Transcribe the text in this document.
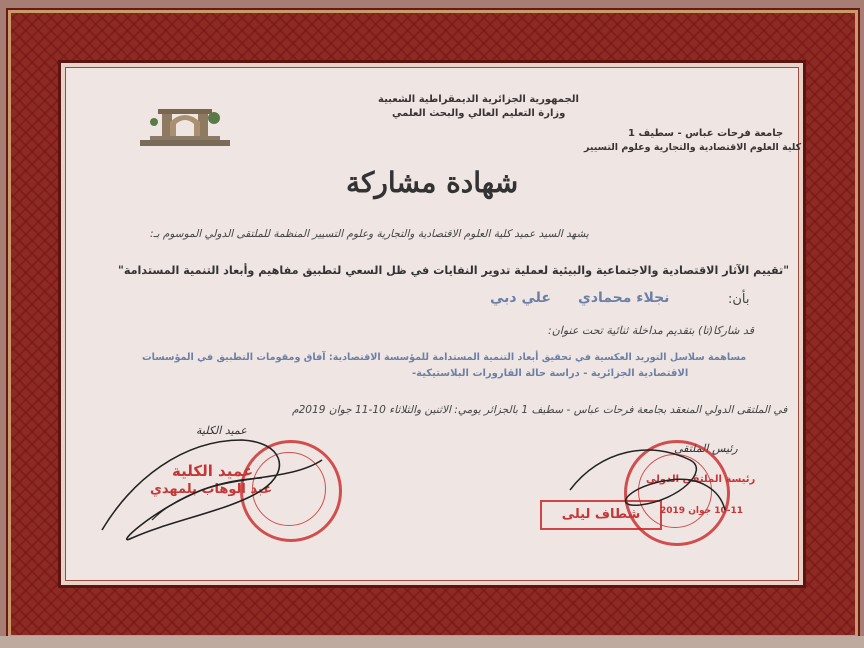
الجمهورية الجزائرية الديمقراطية الشعبية
وزارة التعليم العالي والبحث العلمي
جامعة فرحات عباس - سطيف 1
كلية العلوم الاقتصادية والتجارية وعلوم التسيير
شهادة مشاركة
يشهد السيد عميد كلية العلوم الاقتصادية والتجارية وعلوم التسيير المنظمة للملتقى الدولي الموسوم بـ:
"تقييم الآثار الاقتصادية والاجتماعية والبيئية لعملية تدوير النفايات في ظل السعي لتطبيق مفاهيم وأبعاد التنمية المستدامة"
بأن:
نجلاء محمادي
علي دبي
قد شاركا(تا) بتقديم مداخلة ثنائية تحت عنوان:
مساهمة سلاسل التوريد العكسية في تحقيق أبعاد التنمية المستدامة للمؤسسة الاقتصادية: آفاق ومقومات التطبيق في المؤسسات
الاقتصادية الجزائرية - دراسة حالة القارورات البلاستيكية-
في الملتقى الدولي المنعقد بجامعة فرحات عباس - سطيف 1 بالجزائر يومي: الاثنين والثلاثاء 10-11 جوان 2019م
عميد الكلية
عميد الكلية
عبد الوهاب بلمهدي
رئيس الملتقى
رئيسة الملتقى الدولي
10-11 جوان 2019
شطاف ليلى
